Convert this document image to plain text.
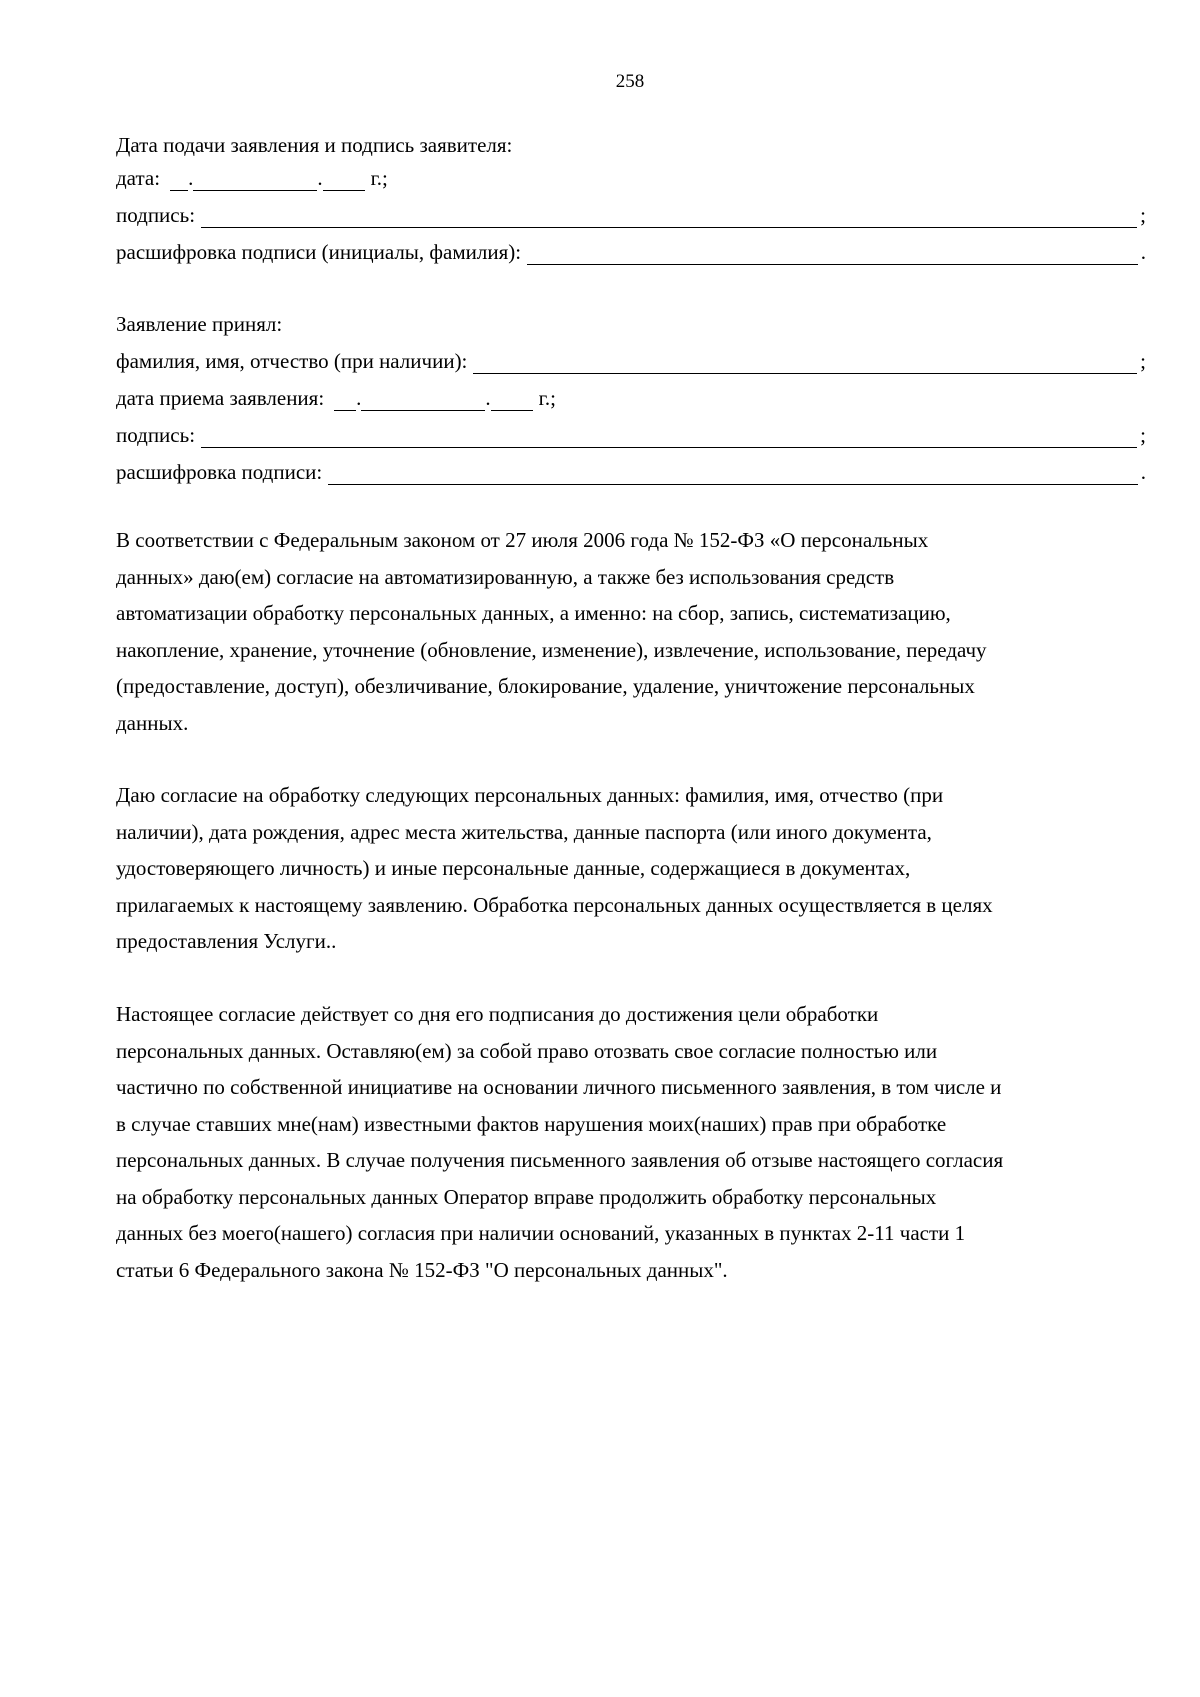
258
Дата подачи заявления и подпись заявителя:
дата: .	. г.;
подпись:	;
расшифровка подписи (инициалы, фамилия):	.
Заявление принял:
фамилия, имя, отчество (при наличии):	;
дата приема заявления: .	. г.;
подпись:	;
расшифровка подписи:	.
В соответствии с Федеральным законом от 27 июля 2006 года № 152-ФЗ «О персональных
данных» даю(ем) согласие на автоматизированную, а также без использования средств
автоматизации обработку персональных данных, а именно: на сбор, запись, систематизацию,
накопление, хранение, уточнение (обновление, изменение), извлечение, использование, передачу
(предоставление, доступ), обезличивание, блокирование, удаление, уничтожение персональных
данных.
Даю согласие на обработку следующих персональных данных: фамилия, имя, отчество (при
наличии), дата рождения, адрес места жительства, данные паспорта (или иного документа,
удостоверяющего личность) и иные персональные данные, содержащиеся в документах,
прилагаемых к настоящему заявлению. Обработка персональных данных осуществляется в целях
предоставления Услуги..
Настоящее согласие действует со дня его подписания до достижения цели обработки
персональных данных. Оставляю(ем) за собой право отозвать свое согласие полностью или
частично по собственной инициативе на основании личного письменного заявления, в том числе и
в случае ставших мне(нам) известными фактов нарушения моих(наших) прав при обработке
персональных данных. В случае получения письменного заявления об отзыве настоящего согласия
на обработку персональных данных Оператор вправе продолжить обработку персональных
данных без моего(нашего) согласия при наличии оснований, указанных в пунктах 2-11 части 1
статьи 6 Федерального закона № 152-ФЗ "О персональных данных".
